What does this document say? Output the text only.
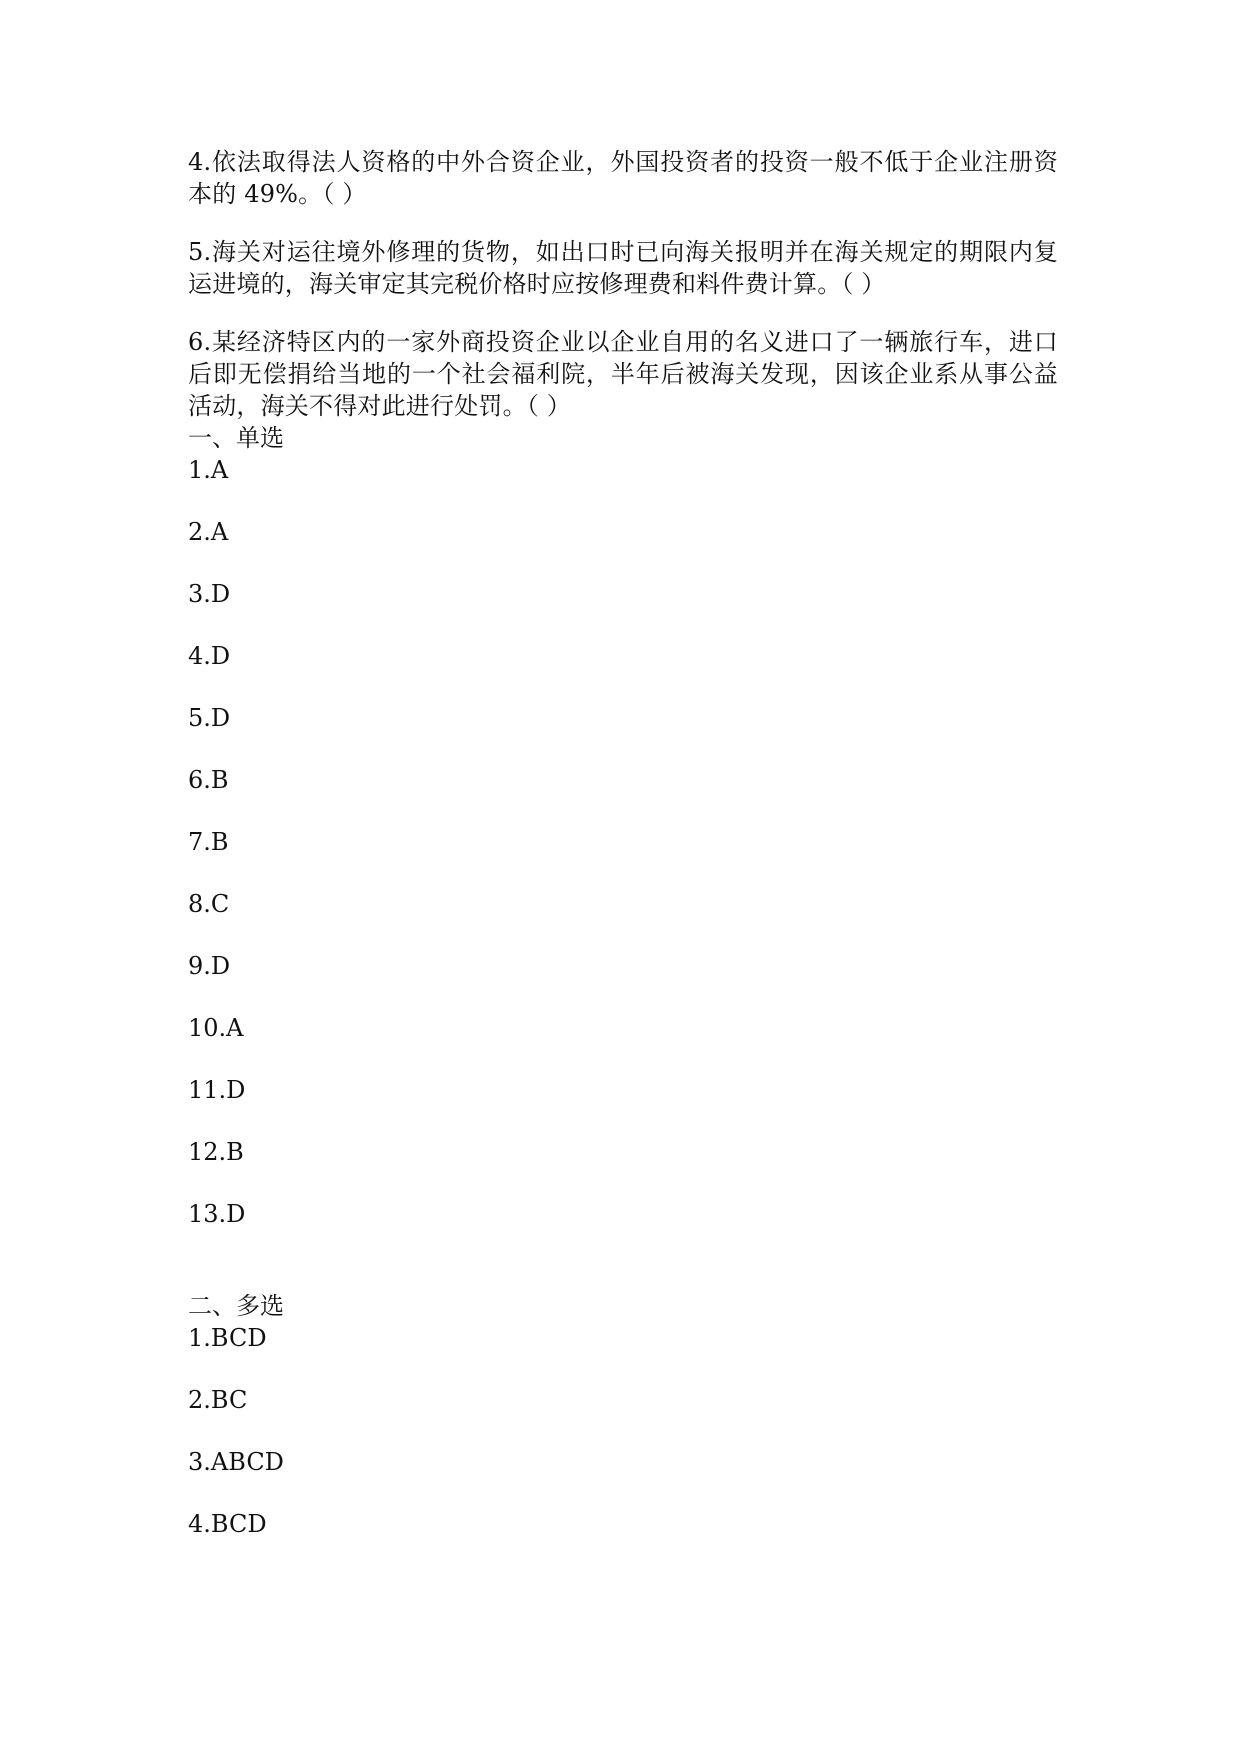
4.依法取得法人资格的中外合资企业，外国投资者的投资一般不低于企业注册资本的 49%。（ ）

5.海关对运往境外修理的货物，如出口时已向海关报明并在海关规定的期限内复运进境的，海关审定其完税价格时应按修理费和料件费计算。（ ）

6.某经济特区内的一家外商投资企业以企业自用的名义进口了一辆旅行车，进口后即无偿捐给当地的一个社会福利院，半年后被海关发现，因该企业系从事公益活动，海关不得对此进行处罚。（ ）

一、单选
1.A
2.A
3.D
4.D
5.D
6.B
7.B
8.C
9.D
10.A
11.D
12.B
13.D
二、多选
1.BCD
2.BC
3.ABCD
4.BCD
